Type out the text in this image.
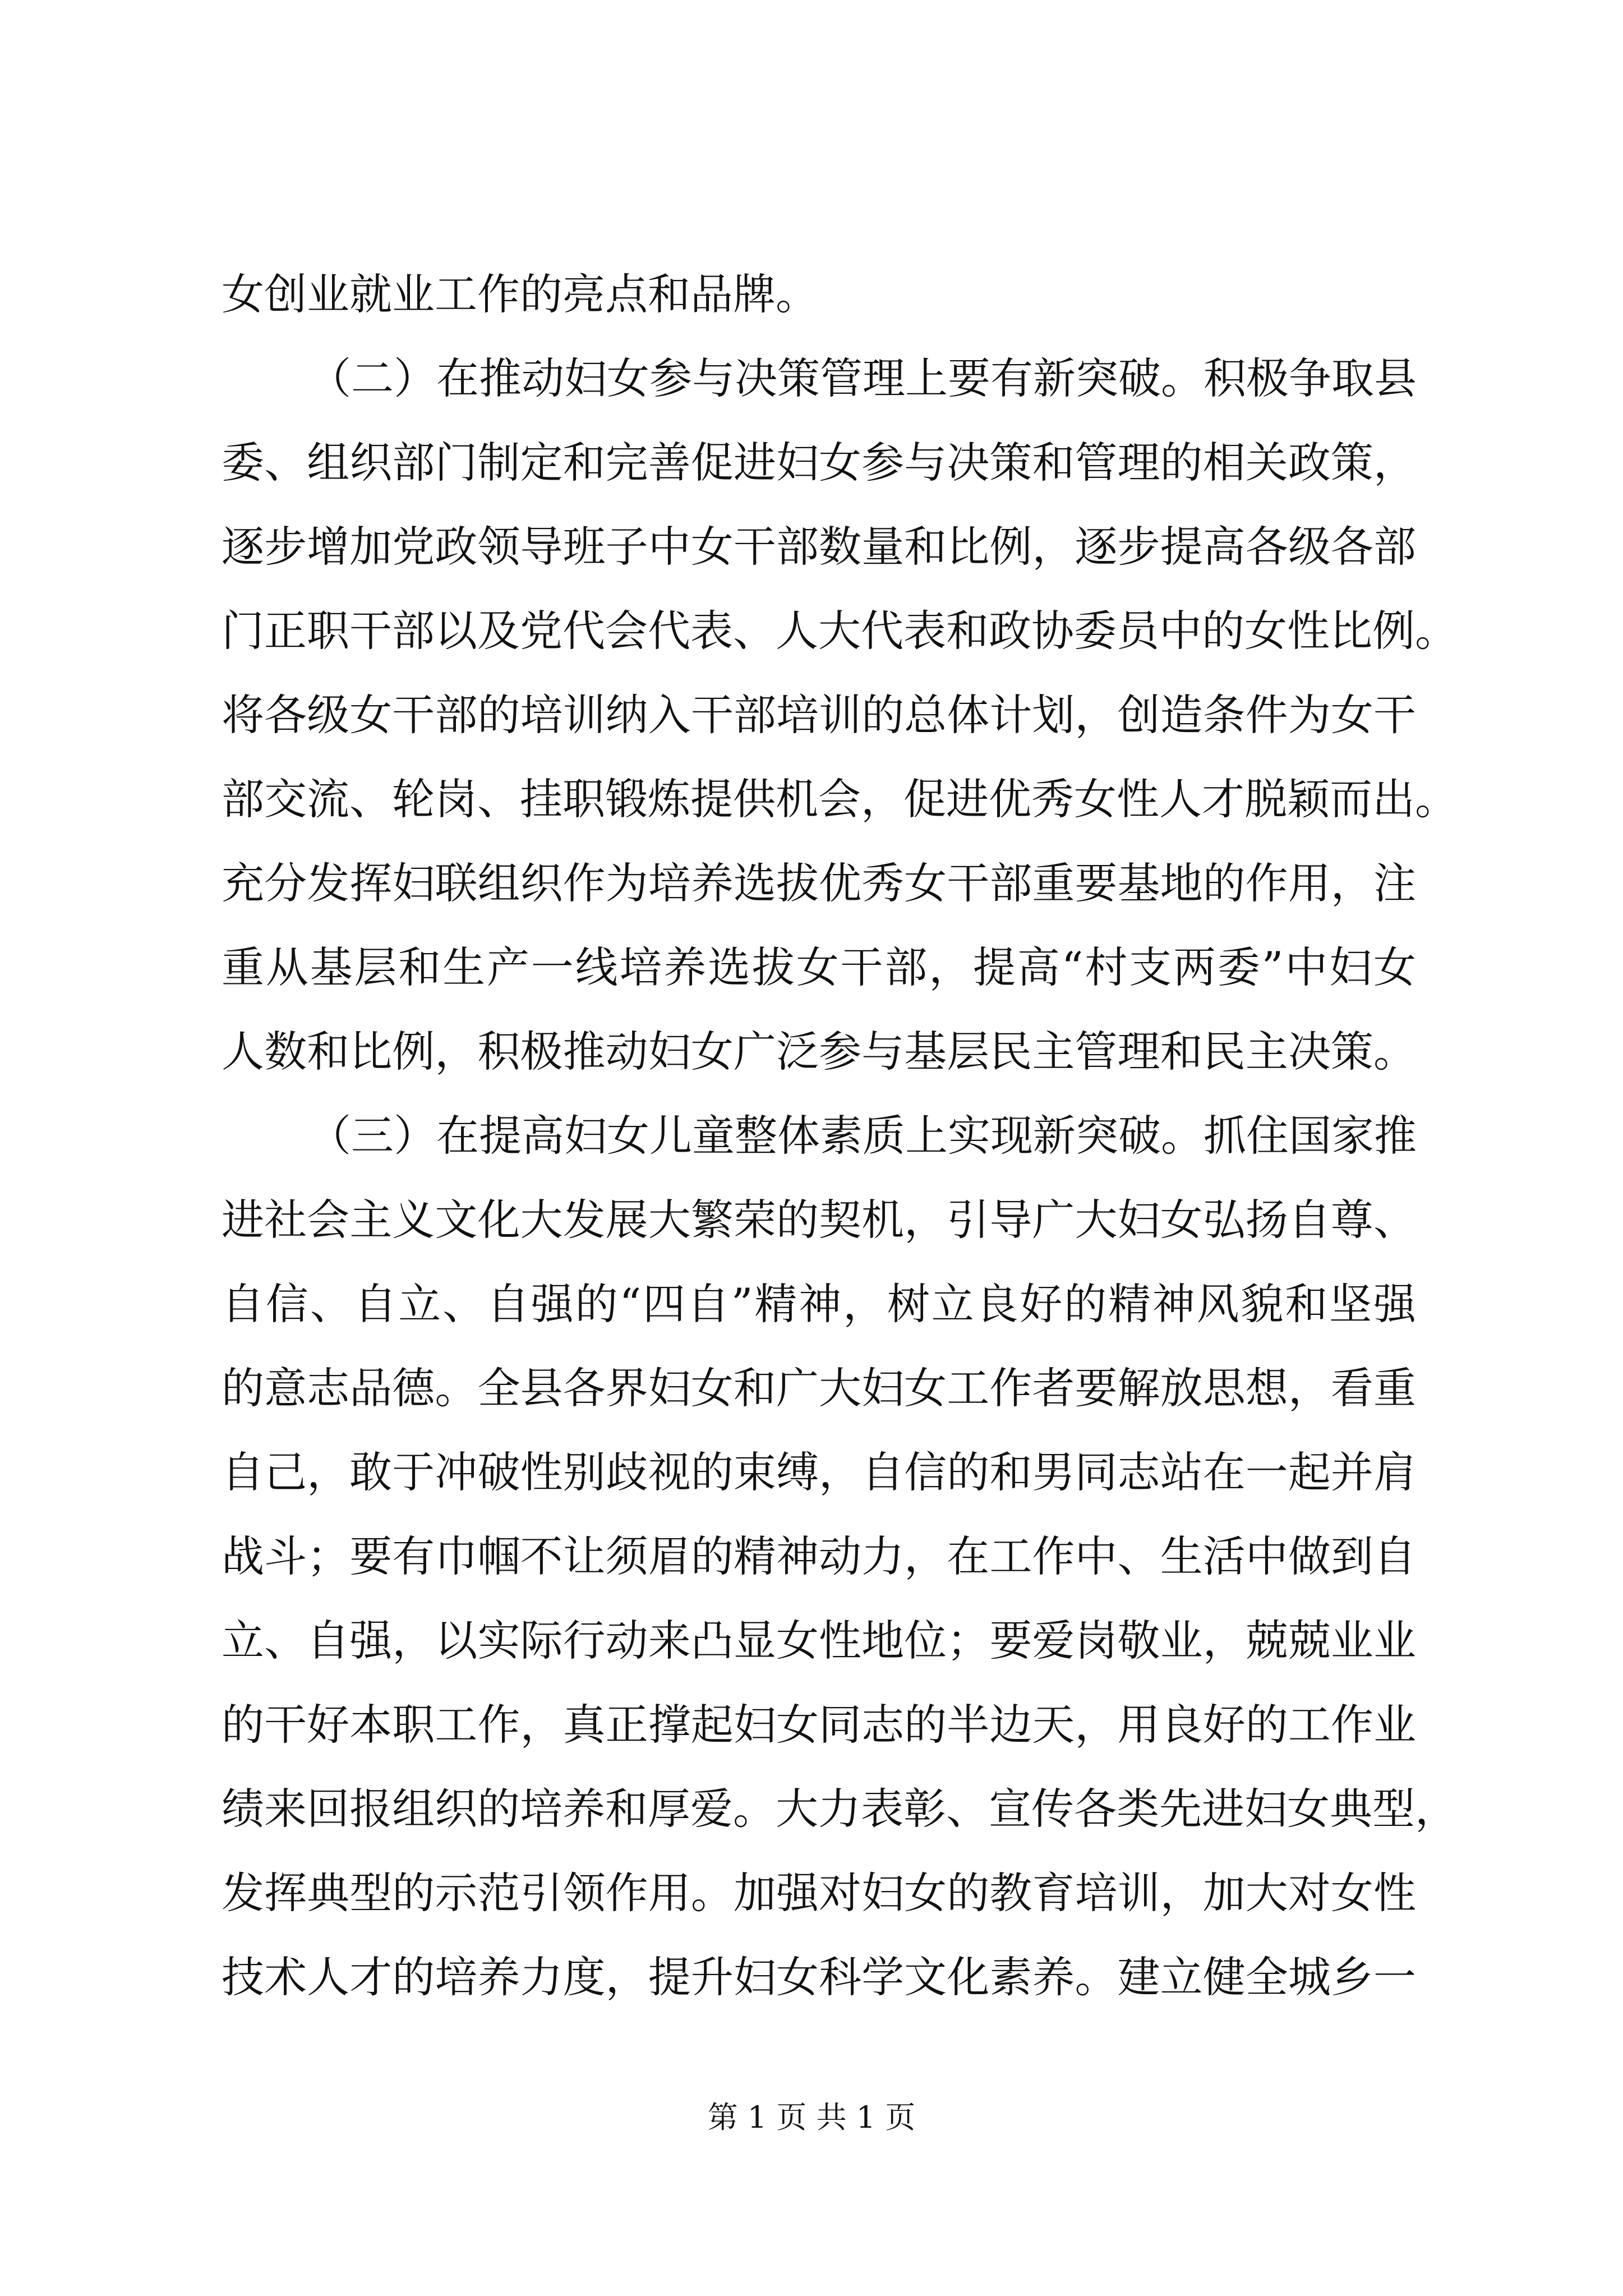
女创业就业工作的亮点和品牌。
（二）在推动妇女参与决策管理上要有新突破。积极争取县
委、组织部门制定和完善促进妇女参与决策和管理的相关政策，
逐步增加党政领导班子中女干部数量和比例，逐步提高各级各部
门正职干部以及党代会代表、人大代表和政协委员中的女性比例。
将各级女干部的培训纳入干部培训的总体计划，创造条件为女干
部交流、轮岗、挂职锻炼提供机会，促进优秀女性人才脱颖而出。
充分发挥妇联组织作为培养选拔优秀女干部重要基地的作用，注
重从基层和生产一线培养选拔女干部，提高“村支两委”中妇女
人数和比例，积极推动妇女广泛参与基层民主管理和民主决策。
（三）在提高妇女儿童整体素质上实现新突破。抓住国家推
进社会主义文化大发展大繁荣的契机，引导广大妇女弘扬自尊、
自信、自立、自强的“四自”精神，树立良好的精神风貌和坚强
的意志品德。全县各界妇女和广大妇女工作者要解放思想，看重
自己，敢于冲破性别歧视的束缚，自信的和男同志站在一起并肩
战斗；要有巾帼不让须眉的精神动力，在工作中、生活中做到自
立、自强，以实际行动来凸显女性地位；要爱岗敬业，兢兢业业
的干好本职工作，真正撑起妇女同志的半边天，用良好的工作业
绩来回报组织的培养和厚爱。大力表彰、宣传各类先进妇女典型，
发挥典型的示范引领作用。加强对妇女的教育培训，加大对女性
技术人才的培养力度，提升妇女科学文化素养。建立健全城乡一
第 1 页 共 1 页
